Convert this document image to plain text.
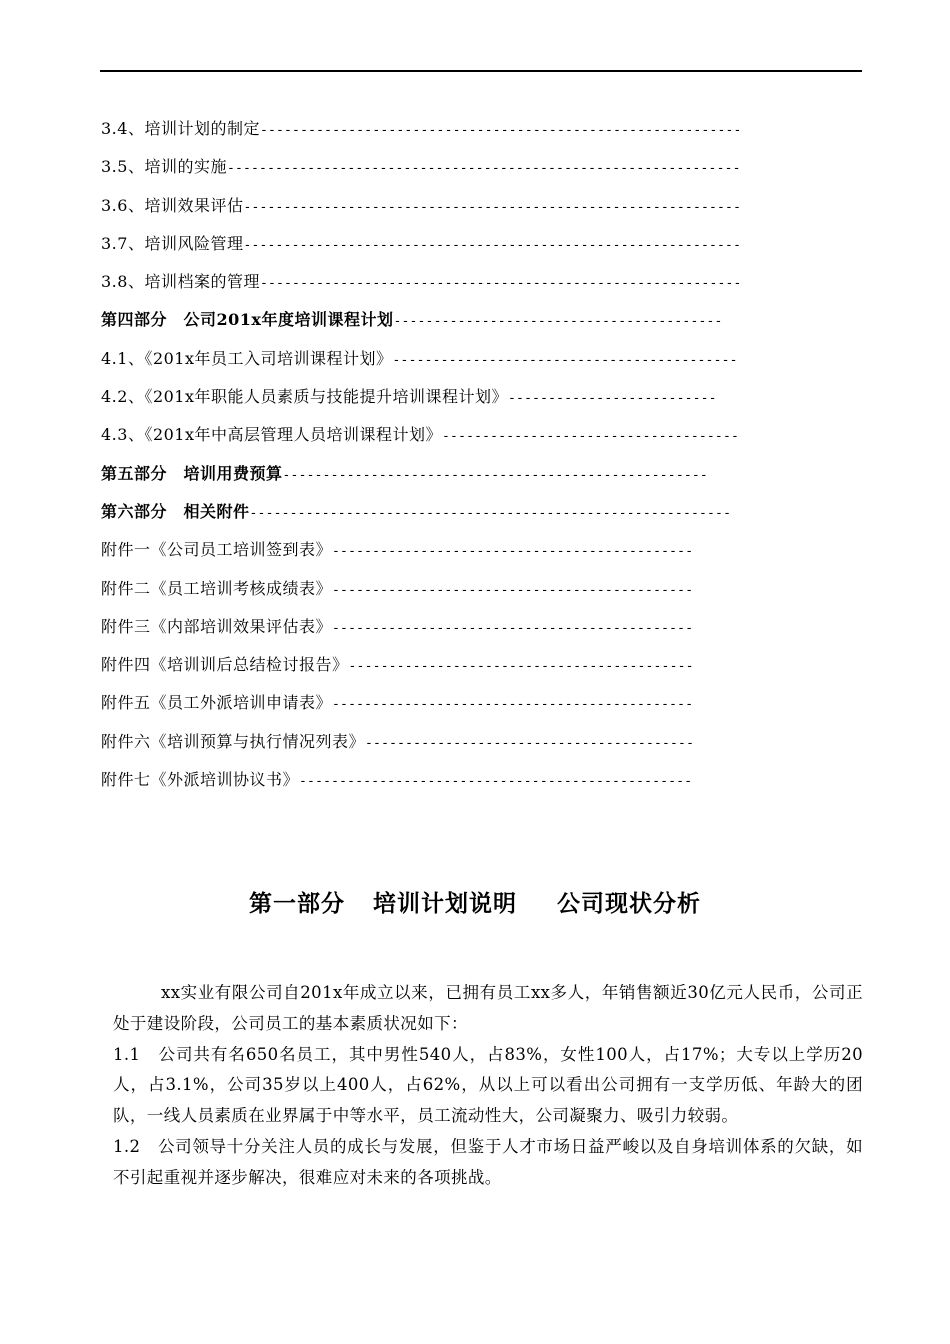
3.4、培训计划的制定------------------------------------------------------------
3.5、培训的实施----------------------------------------------------------------
3.6、培训效果评估--------------------------------------------------------------
3.7、培训风险管理--------------------------------------------------------------
3.8、培训档案的管理------------------------------------------------------------
第四部分　公司201x年度培训课程计划-----------------------------------------
4.1、《201x年员工入司培训课程计划》-------------------------------------------
4.2、《201x年职能人员素质与技能提升培训课程计划》--------------------------
4.3、《201x年中高层管理人员培训课程计划》-------------------------------------
第五部分　培训用费预算-----------------------------------------------------
第六部分　相关附件------------------------------------------------------------
附件一《公司员工培训签到表》---------------------------------------------
附件二《员工培训考核成绩表》---------------------------------------------
附件三《内部培训效果评估表》---------------------------------------------
附件四《培训训后总结检讨报告》-------------------------------------------
附件五《员工外派培训申请表》---------------------------------------------
附件六《培训预算与执行情况列表》-----------------------------------------
附件七《外派培训协议书》-------------------------------------------------
第一部分 培训计划说明 公司现状分析

xx实业有限公司自201x年成立以来，已拥有员工xx多人，年销售额近30亿元人民币，公司正处于建设阶段，公司员工的基本素质状况如下：

1.1　公司共有名650名员工，其中男性540人，占83%，女性100人，占17%；大专以上学历20人，占3.1%，公司35岁以上400人，占62%，从以上可以看出公司拥有一支学历低、年龄大的团队，一线人员素质在业界属于中等水平，员工流动性大，公司凝聚力、吸引力较弱。

1.2　公司领导十分关注人员的成长与发展，但鉴于人才市场日益严峻以及自身培训体系的欠缺，如不引起重视并逐步解决，很难应对未来的各项挑战。
